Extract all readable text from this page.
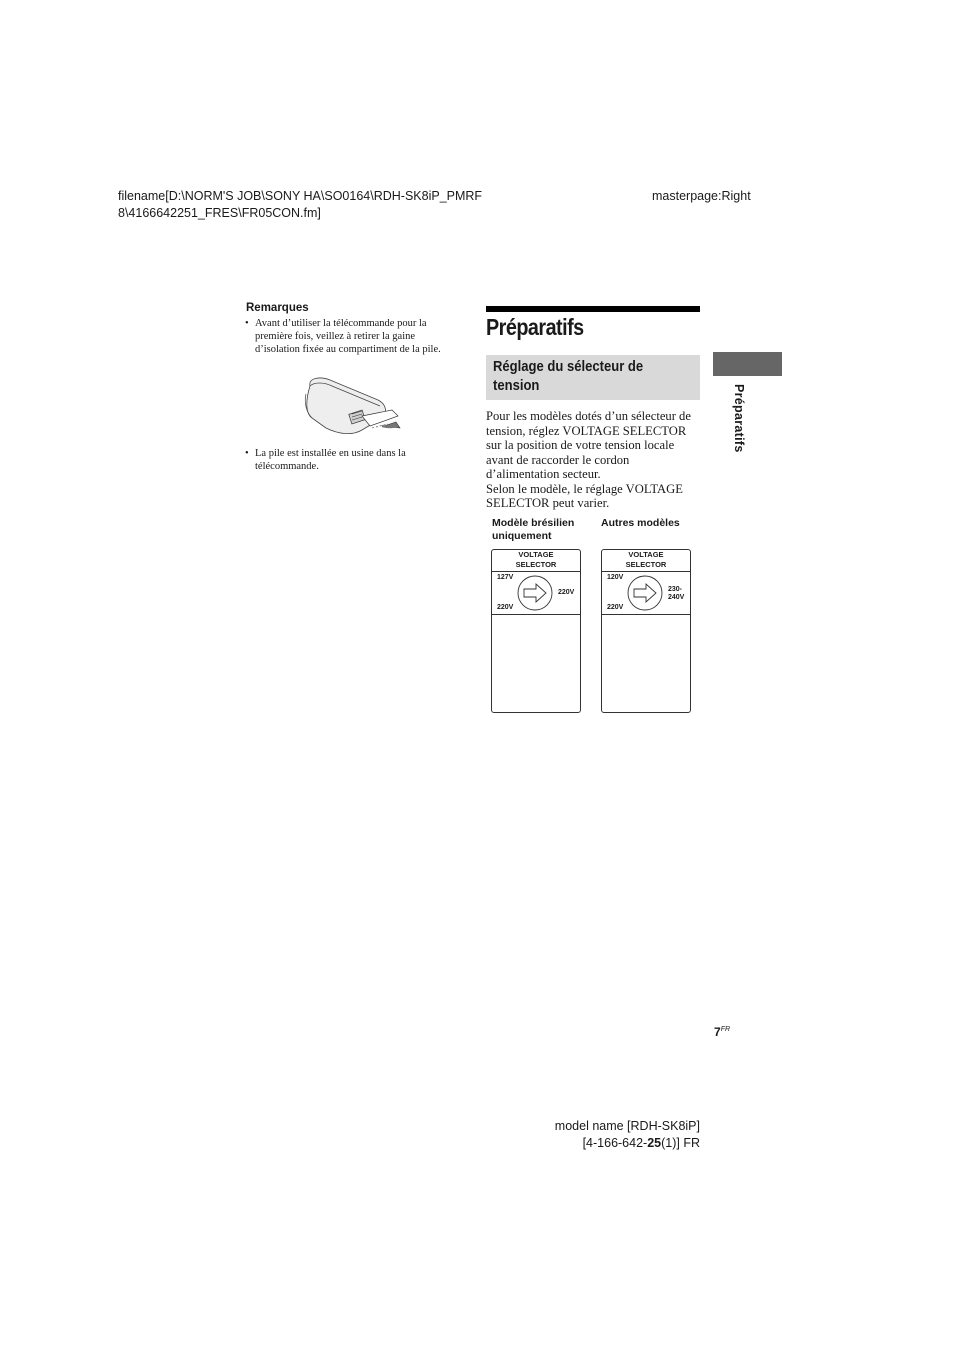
filename[D:\NORM'S JOB\SONY HA\SO0164\RDH-SK8iP_PMRF
8\4166642251_FRES\FR05CON.fm]
masterpage:Right

Remarques

• Avant d’utiliser la télécommande pour la première fois, veillez à retirer la gaine d’isolation fixée au compartiment de la pile.

• La pile est installée en usine dans la télécommande.

Préparatifs
Réglage du sélecteur de tension

Pour les modèles dotés d’un sélecteur de tension, réglez VOLTAGE SELECTOR sur la position de votre tension locale avant de raccorder le cordon d’alimentation secteur.

Selon le modèle, le réglage VOLTAGE SELECTOR peut varier.

Modèle brésilien uniquement
Autres modèles
VOLTAGE
SELECTOR
127V
220V
220V
VOLTAGE
SELECTOR
120V
220V
230-
240V
Préparatifs
$7^{FR}$
model name [RDH-SK8iP]
[4-166-642-25(1)] FR
